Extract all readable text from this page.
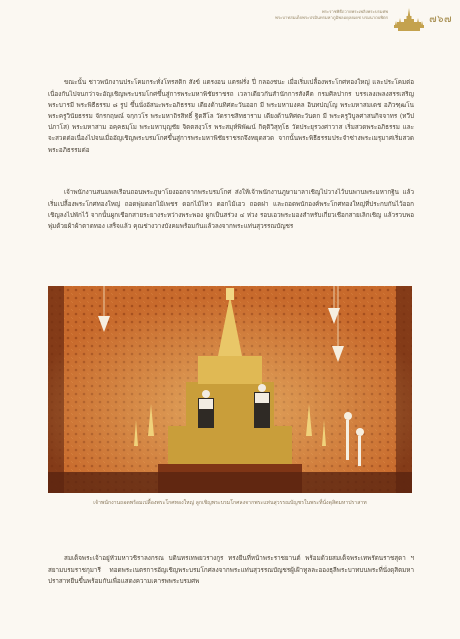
พระราชพิธีถวายพระเพลิงพระบรมศพ
พระบาทสมเด็จพระปรมินทรมหาภูมิพลอดุลยเดช บรมนาถบพิตร	๗๖๗

ขณะนั้น ชาวพนักงานประโคมกระทั่งโทรสติก สังข์ แตรงอน แตรฝรั่ง ปี่ กลองชนะ เมื่อเริ่มเปลื้องพระโกศทองใหญ่ และประโคมต่อเนื่องกันไปจนกว่าจะอัญเชิญพระบรมโกศขึ้นสู่การพระมหาพิชัยราชรถ เวลาเดียวกันสำนักการสังคีต กรมศิลปากร บรรเลงเพลงสรรเสริญพระบารมี พระพิธีธรรม ๘ รูป ขึ้นนั่งอัสนะพระอภิธรรม เดียงด้านทิศตะวันออก มี พระมหามงคล อินทปญฺโญ พระมหาสมเดช อภิวฑฺฒโน พระครูวินัยธรรม จักรกฤษณ์ จกฺกวโร พระมหาถิรสิทธิ์ ฐิตสีโล วัดราชสิทธาราม เดียงด้านทิศตะวันตก มี พระครูวิบูลศาสนกิจจาทร (ทวีป ปภาโส) พระมหาสาม อคฺคธมฺโม พระมหาบุญชัย จิตตสงฺวโร พระสมุห์พิพัฒน์ กิตฺติวิสุทฺโธ วัดประยุรวงศาวาส เริ่มสวดพระอภิธรรม และจะสวดต่อเนื่องไปจนเมื่ออัญเชิญพระบรมโกศขึ้นสู่การพระมหาพิชัยราชรถจึงหยุดสวด จากนั้นพระพิธีธรรมประจำซ่างพระเมรุมาศเริ่มสวดพระอภิธรรมต่อ

เจ้าพนักงานสนมพลเรือนถอนพระภูษาโยงออกจากพระบรมโกศ ส่งให้เจ้าพนักงานภูษามาลาเชิญไปวางไว้บนพานพระมหากฐิน แล้วเริ่มเปลื้องพระโกศทองใหญ่ ถอดพุ่มดอกไม้เพชร ดอกไม้ไหว ดอกไม้เอว ถอดฝา และถอดพนักองค์พระโกศทองใหญ่ที่ประกบกันไว้ออก เชิญลงไปพักไว้ จากนั้นผูกเชือกสายระยางระหว่างพระพอง ผูกเป็นสร่วง ๔ ห่วง รอบเอวพระมองสำหรับเกี่ยวเชือกสายเลิกเชิญ แล้วรวบพอพุ่มด้วยผ้าผ้าตาดทอง เสร็จแล้ว คุณช่างวางบังคมพร้อมกันแล้วลงจากพระแท่นสุวรรณบัญชร

เจ้าพนักงานถอดพร้อมเปลื้องพระโกศทองใหญ่ ลูกเชิญพระบรมโกศลงจากพระแท่นสุวรรณบัญชรในพระที่นั่งดุสิตมหาปราสาท

สมเด็จพระเจ้าอยู่หัวมหาวชิราลงกรณ บดินทรเทพยวรางกูร ทรงยืนที่หน้าพระราชยานต์ พร้อมด้วยสมเด็จพระเทพรัตนราชสุดา ฯ สยามบรมราชกุมารี ทอดพระเนตรการอัญเชิญพระบรมโกศลงจากพระแท่นสุวรรณบัญชรผู้เฝ้าทูลละอองธุลีพระบาทบนพระที่นั่งดุสิตมหาปราสาทยืนขึ้นพร้อมกันเพื่อแสดงความเคารพพระบรมศพ
